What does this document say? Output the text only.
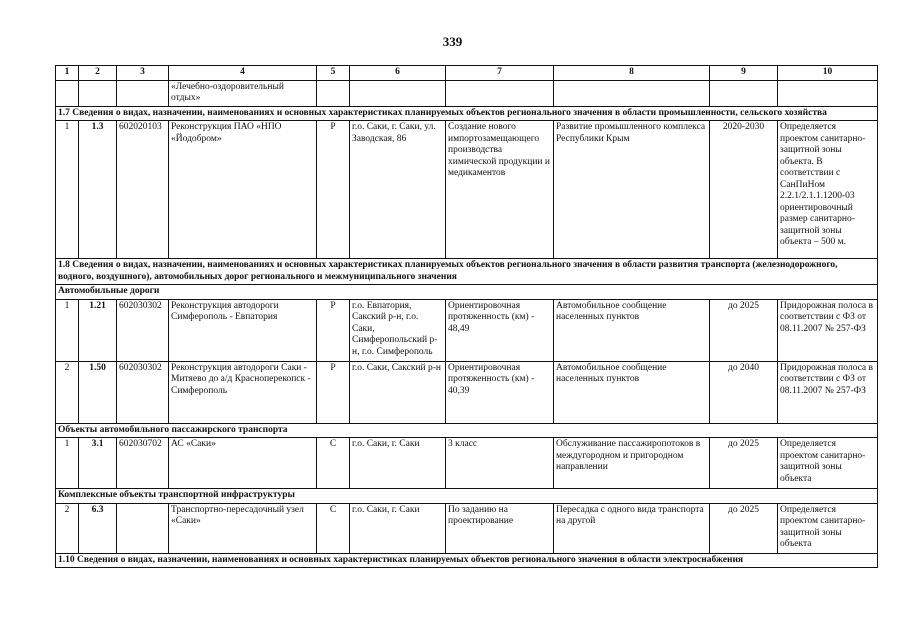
339
1	2	3	4	5	6	7	8	9	10
			«Лечебно-оздоровительный отдых»						
1.7 Сведения о видах, назначении, наименованиях и основных характеристиках планируемых объектов регионального значения в области промышленности, сельского хозяйства									
1	1.3	602020103	Реконструкция ПАО «НПО «Йодобром»	Р	г.о. Саки, г. Саки, ул. Заводская, 86	Создание нового импортозамещающего производства химической продукции и медикаментов	Развитие промышленного комплекса Республики Крым	2020-2030	Определяется проектом санитарно-защитной зоны объекта. В соответствии с СанПиНом 2.2.1/2.1.1.1200-03 ориентировочный размер санитарно-защитной зоны объекта – 500 м.
1.8 Сведения о видах, назначении, наименованиях и основных характеристиках планируемых объектов регионального значения в области развития транспорта (железнодорожного, водного, воздушного), автомобильных дорог регионального и межмуниципального значения									
Автомобильные дороги									
1	1.21	602030302	Реконструкция автодороги Симферополь - Евпатория	Р	г.о. Евпатория, Сакский р-н, г.о. Саки, Симферопольский р-н, г.о. Симферополь	Ориентировочная протяженность (км) - 48,49	Автомобильное сообщение населенных пунктов	до 2025	Придорожная полоса в соответствии с ФЗ от 08.11.2007 № 257-ФЗ
2	1.50	602030302	Реконструкция автодороги Саки - Митяево до а/д Красноперекопск - Симферополь	Р	г.о. Саки, Сакский р-н	Ориентировочная протяженность (км) - 40,39	Автомобильное сообщение населенных пунктов	до 2040	Придорожная полоса в соответствии с ФЗ от 08.11.2007 № 257-ФЗ
Объекты автомобильного пассажирского транспорта									
1	3.1	602030702	АС «Саки»	С	г.о. Саки, г. Саки	3 класс	Обслуживание пассажиропотоков в междугородном и пригородном направлении	до 2025	Определяется проектом санитарно-защитной зоны объекта
Комплексные объекты транспортной инфраструктуры									
2	6.3		Транспортно-пересадочный узел «Саки»	С	г.о. Саки, г. Саки	По заданию на проектирование	Пересадка с одного вида транспорта на другой	до 2025	Определяется проектом санитарно-защитной зоны объекта
1.10 Сведения о видах, назначении, наименованиях и основных характеристиках планируемых объектов регионального значения в области электроснабжения									
